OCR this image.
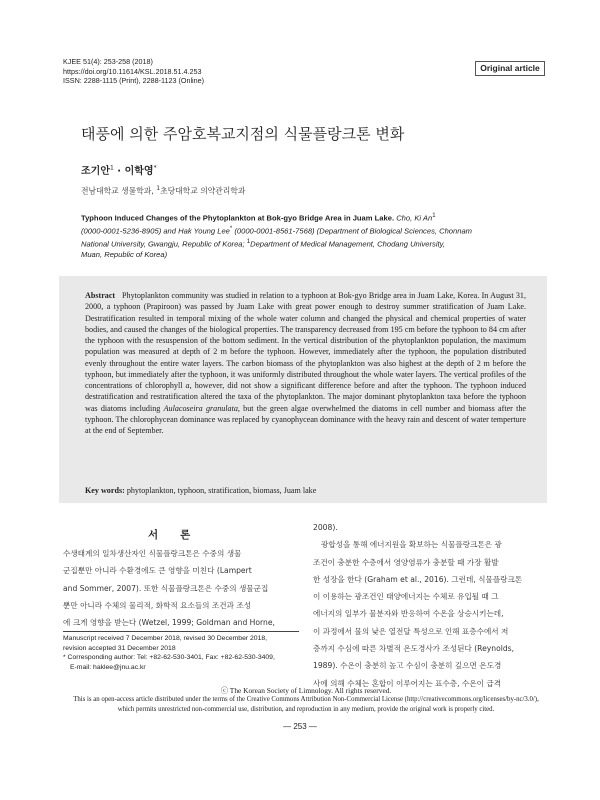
KJEE 51(4): 253-258 (2018)
https://doi.org/10.11614/KSL.2018.51.4.253
ISSN: 2288-1115 (Print), 2288-1123 (Online)
Original article
태풍에 의한 주암호복교지점의 식물플랑크톤 변화
조기안$^1$ · 이학영*
전남대학교 생물학과, $^1$초당대학교 의약관리학과
Typhoon Induced Changes of the Phytoplankton at Bok-gyo Bridge Area in Juam Lake. Cho, Ki An$^1$
(0000-0001-5236-8905) and Hak Young Lee* (0000-0001-8561-7568) (Department of Biological Sciences, Chonnam
National University, Gwangju, Republic of Korea; $^1$Department of Medical Management, Chodang University,
Muan, Republic of Korea)
Abstract Phytoplankton community was studied in relation to a typhoon at Bok-gyo Bridge area in Juam Lake, Korea. In August 31, 2000, a typhoon (Prapiroon) was passed by Juam Lake with great power enough to destroy summer stratification of Juam Lake. Destratification resulted in temporal mixing of the whole water column and changed the physical and chemical properties of water bodies, and caused the changes of the biological properties. The transparency decreased from 195 cm before the typhoon to 84 cm after the typhoon with the resuspension of the bottom sediment. In the vertical distribution of the phytoplankton population, the maximum population was measured at depth of 2 m before the typhoon. However, immediately after the typhoon, the population distributed evenly throughout the entire water layers. The carbon biomass of the phytoplankton was also highest at the depth of 2 m before the typhoon, but immediately after the typhoon, it was uniformly distributed throughout the whole water layers. The vertical profiles of the concentrations of chlorophyll a, however, did not show a significant difference before and after the typhoon. The typhoon induced destratification and restratification altered the taxa of the phytoplankton. The major dominant phytoplankton taxa before the typhoon was diatoms including Aulacoseira granulata, but the green algae overwhelmed the diatoms in cell number and biomass after the typhoon. The chlorophycean dominance was replaced by cyanophycean dominance with the heavy rain and descent of water temperture at the end of September.
Key words: phytoplankton, typhoon, stratification, biomass, Juam lake
서론
수생태계의 일차생산자인 식물플랑크톤은 수중의 생물
군집뿐만 아니라 수환경에도 큰 영향을 미친다 (Lampert
and Sommer, 2007). 또한 식물플랑크톤은 수중의 생물군집
뿐만 아니라 수체의 물리적, 화학적 요소들의 조건과 조성
에 크게 영향을 받는다 (Wetzel, 1999; Goldman and Horne,
2008).
광합성을 통해 에너지원을 확보하는 식물플랑크톤은 광
조건이 충분한 수층에서 영양염류가 충분할 때 가장 활발
한 성장을 한다 (Graham et al., 2016). 그런데, 식물플랑크톤
이 이용하는 광조건인 태양에너지는 수체로 유입될 때 그
에너지의 일부가 물분자와 반응하여 수온을 상승시키는데,
이 과정에서 물의 낮은 열전달 특성으로 인해 표층수에서 저
층까지 수심에 따른 차별적 온도경사가 조성된다 (Reynolds,
1989). 수온이 충분히 높고 수심이 충분히 깊으면 온도경
사에 의해 수체는 혼합이 이루어지는 표수층, 수온이 급격
Manuscript received 7 December 2018, revised 30 December 2018,
revision accepted 31 December 2018
* Corresponding author: Tel: +82-62-530-3401, Fax: +82-62-530-3409,
E-mail: haklee@jnu.ac.kr
ⓒ The Korean Society of Limnology. All rights reserved.
This is an open-access article distributed under the terms of the Creative Commons Attribution Non-Commercial License (http://creativecommons.org/licenses/by-nc/3.0/),
which permits unrestricted non-commercial use, distribution, and reproduction in any medium, provide the original work is properly cited.
— 253 —
